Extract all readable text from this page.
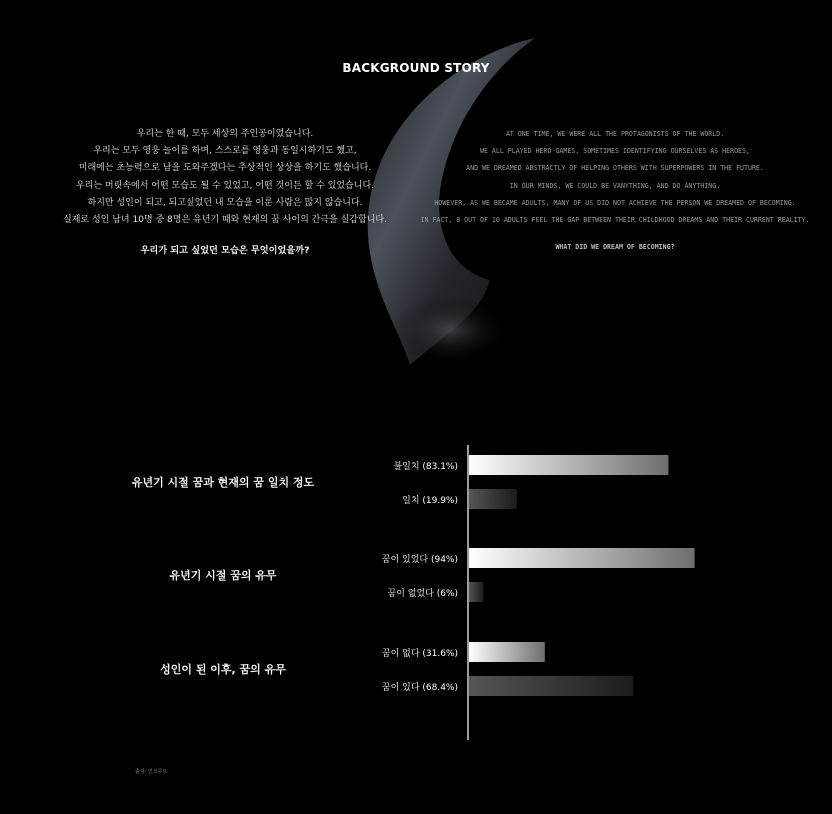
BACKGROUND STORY
우리는 한 때, 모두 세상의 주인공이었습니다.
우리는 모두 영웅 놀이를 하며, 스스로를 영웅과 동일시하기도 했고,
미래에는 초능력으로 남을 도와주겠다는 추상적인 상상을 하기도 했습니다.
우리는 머릿속에서 어떤 모습도 될 수 있었고, 어떤 것이든 할 수 있었습니다.
하지만 성인이 되고, 되고싶었던 내 모습을 이룬 사람은 많지 않습니다.
실제로 성인 남녀 10명 중 8명은 유년기 때와 현재의 꿈 사이의 간극을 실감합니다.
우리가 되고 싶었던 모습은 무엇이었을까?
AT ONE TIME, WE WERE ALL THE PROTAGONISTS OF THE WORLD.
WE ALL PLAYED HERO GAMES, SOMETIMES IDENTIFYING OURSELVES AS HEROES,
AND WE DREAMED ABSTRACTLY OF HELPING OTHERS WITH SUPERPOWERS IN THE FUTURE.
IN OUR MINDS, WE COULD BE VANYTHING, AND DO ANYTHING.
HOWEVER, AS WE BECAME ADULTS, MANY OF US DID NOT ACHIEVE THE PERSON WE DREAMED OF BECOMING.
IN FACT, 8 OUT OF 10 ADULTS FEEL THE GAP BETWEEN THEIR CHILDHOOD DREAMS AND THEIR CURRENT REALITY.
WHAT DID WE DREAM OF BECOMING?
유년기 시절 꿈과 현재의 꿈 일치 정도
불일치 (83.1%)
일치 (19.9%)
유년기 시절 꿈의 유무
꿈이 있었다 (94%)
꿈이 없었다 (6%)
성인이 된 이후, 꿈의 유무
꿈이 없다 (31.6%)
꿈이 있다 (68.4%)
출처: 인크루트
